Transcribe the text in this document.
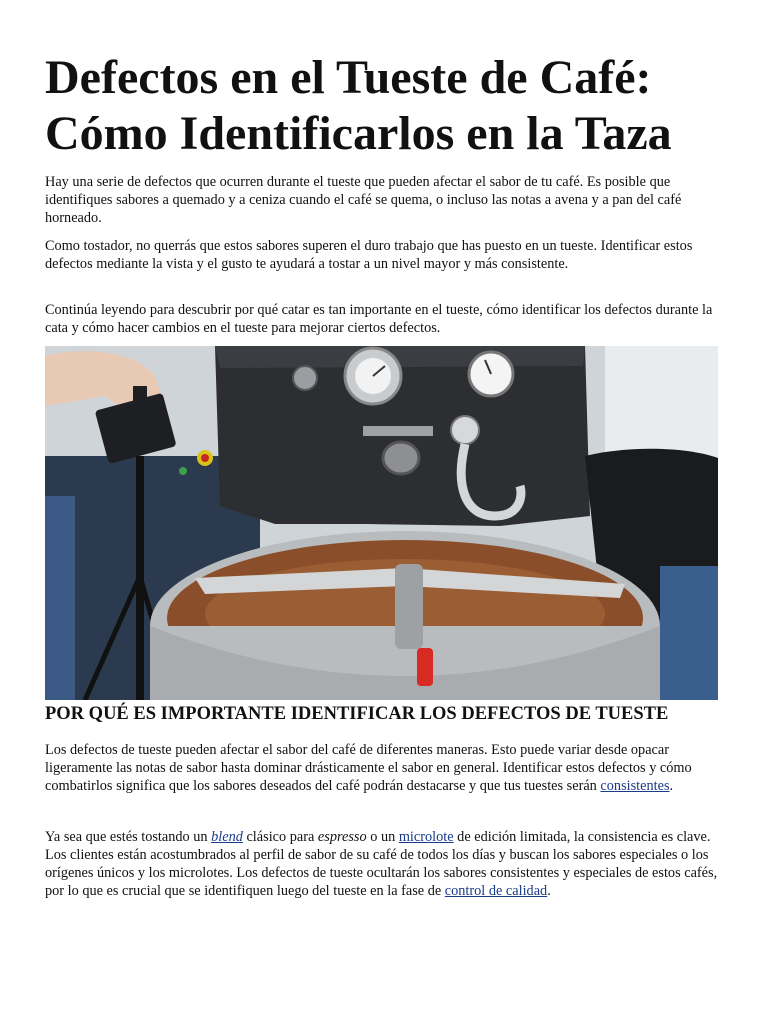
Defectos en el Tueste de Café:
Cómo Identificarlos en la Taza

Hay una serie de defectos que ocurren durante el tueste que pueden afectar el sabor de tu café. Es posible que identifiques sabores a quemado y a ceniza cuando el café se quema, o incluso las notas a avena y a pan del café horneado.

Como tostador, no querrás que estos sabores superen el duro trabajo que has puesto en un tueste. Identificar estos defectos mediante la vista y el gusto te ayudará a tostar a un nivel mayor y más consistente.

Continúa leyendo para descubrir por qué catar es tan importante en el tueste, cómo identificar los defectos durante la cata y cómo hacer cambios en el tueste para mejorar ciertos defectos.

POR QUÉ ES IMPORTANTE IDENTIFICAR LOS DEFECTOS DE TUESTE

Los defectos de tueste pueden afectar el sabor del café de diferentes maneras. Esto puede variar desde opacar ligeramente las notas de sabor hasta dominar drásticamente el sabor en general. Identificar estos defectos y cómo combatirlos significa que los sabores deseados del café podrán destacarse y que tus tuestes serán consistentes.

Ya sea que estés tostando un blend clásico para espresso o un microlote de edición limitada, la consistencia es clave. Los clientes están acostumbrados al perfil de sabor de su café de todos los días y buscan los sabores especiales o los orígenes únicos y los microlotes. Los defectos de tueste ocultarán los sabores consistentes y especiales de estos cafés, por lo que es crucial que se identifiquen luego del tueste en la fase de control de calidad.
